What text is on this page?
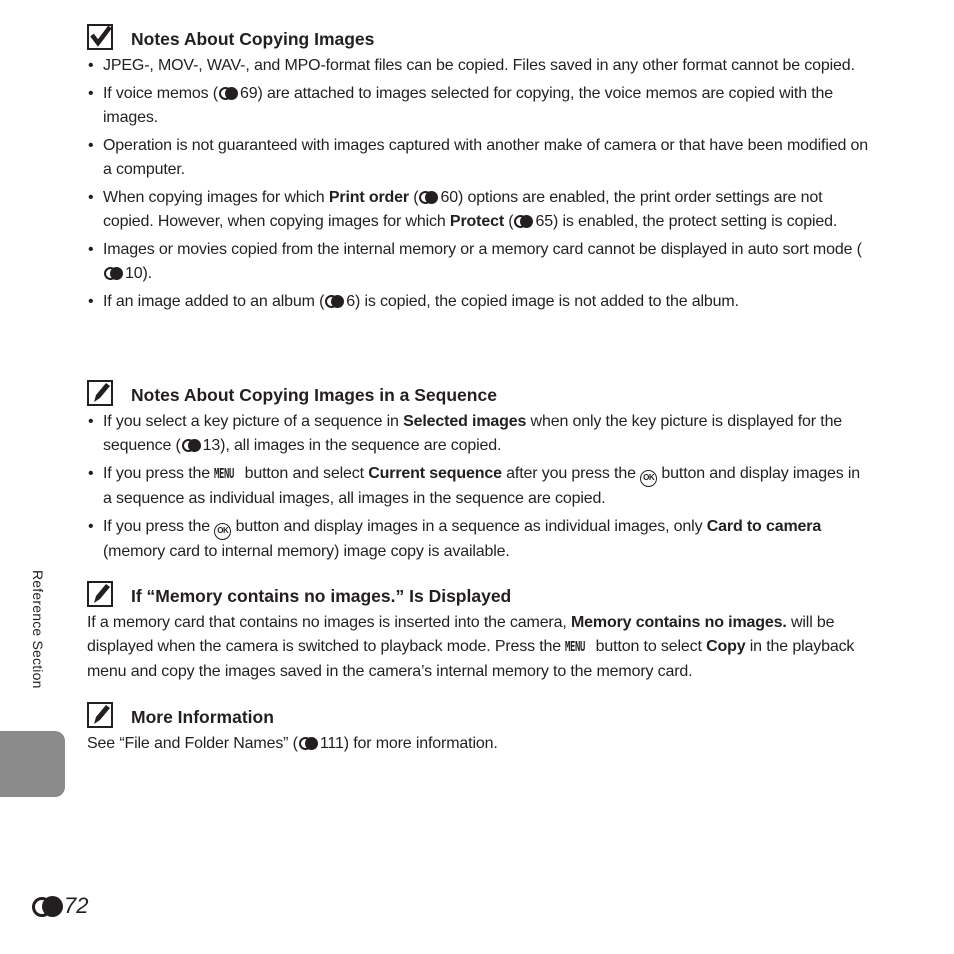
Notes About Copying Images
• JPEG-, MOV-, WAV-, and MPO-format files can be copied. Files saved in any other format cannot be copied.
• If voice memos ( 69) are attached to images selected for copying, the voice memos are copied with the images.
• Operation is not guaranteed with images captured with another make of camera or that have been modified on a computer.
• When copying images for which Print order ( 60) options are enabled, the print order settings are not copied. However, when copying images for which Protect ( 65) is enabled, the protect setting is copied.
• Images or movies copied from the internal memory or a memory card cannot be displayed in auto sort mode (10).
• If an image added to an album ( 6) is copied, the copied image is not added to the album.
Notes About Copying Images in a Sequence
• If you select a key picture of a sequence in Selected images when only the key picture is displayed for the sequence ( 13), all images in the sequence are copied.
• If you press the MENU button and select Current sequence after you press the OK button and display images in a sequence as individual images, all images in the sequence are copied.
• If you press the OK button and display images in a sequence as individual images, only Card to camera (memory card to internal memory) image copy is available.
If “Memory contains no images.” Is Displayed

If a memory card that contains no images is inserted into the camera, Memory contains no images. will be displayed when the camera is switched to playback mode. Press the MENU button to select Copy in the playback menu and copy the images saved in the camera’s internal memory to the memory card.

More Information

See “File and Folder Names” ( 111) for more information.

Reference Section
72
